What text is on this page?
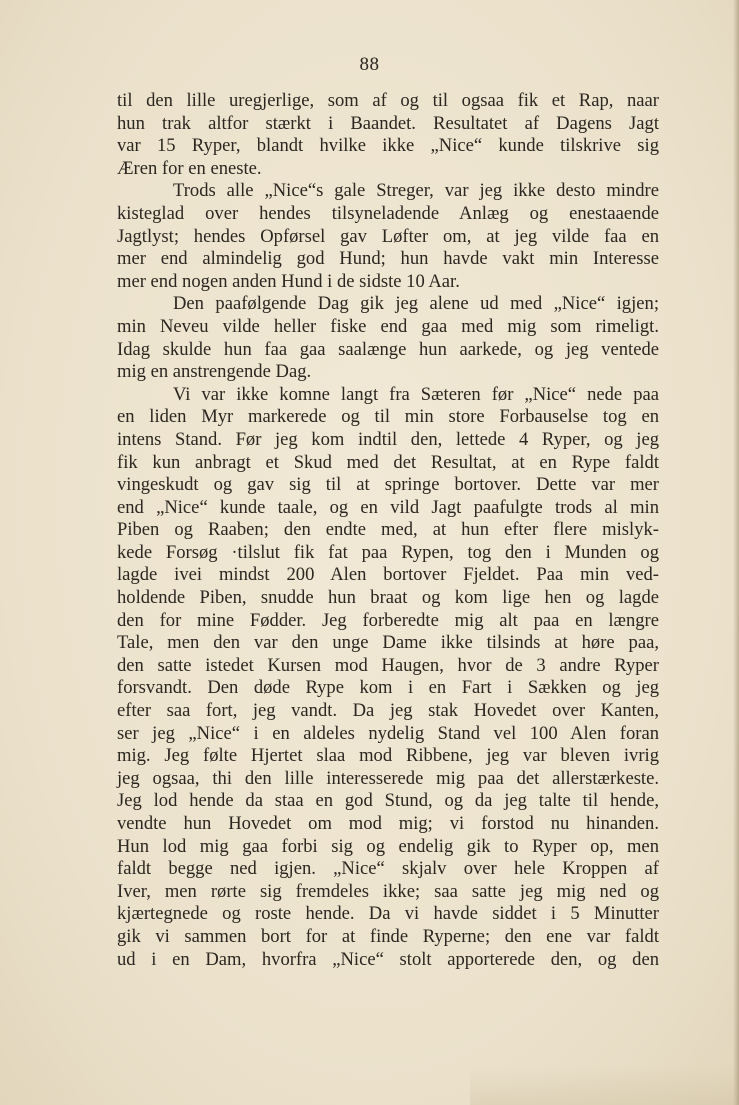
88
til den lille uregjerlige, som af og til ogsaa fik et Rap, naar
hun trak altfor stærkt i Baandet. Resultatet af Dagens Jagt
var 15 Ryper, blandt hvilke ikke „Nice“ kunde tilskrive sig
Æren for en eneste.
Trods alle „Nice“s gale Streger, var jeg ikke desto mindre
kisteglad over hendes tilsyneladende Anlæg og enestaaende
Jagtlyst; hendes Opførsel gav Løfter om, at jeg vilde faa en
mer end almindelig god Hund; hun havde vakt min Interesse
mer end nogen anden Hund i de sidste 10 Aar.
Den paafølgende Dag gik jeg alene ud med „Nice“ igjen;
min Neveu vilde heller fiske end gaa med mig som rimeligt.
Idag skulde hun faa gaa saalænge hun aarkede, og jeg ventede
mig en anstrengende Dag.
Vi var ikke komne langt fra Sæteren før „Nice“ nede paa
en liden Myr markerede og til min store Forbauselse tog en
intens Stand. Før jeg kom indtil den, lettede 4 Ryper, og jeg
fik kun anbragt et Skud med det Resultat, at en Rype faldt
vingeskudt og gav sig til at springe bortover. Dette var mer
end „Nice“ kunde taale, og en vild Jagt paafulgte trods al min
Piben og Raaben; den endte med, at hun efter flere mislyk-
kede Forsøg ·tilslut fik fat paa Rypen, tog den i Munden og
lagde ivei mindst 200 Alen bortover Fjeldet. Paa min ved-
holdende Piben, snudde hun braat og kom lige hen og lagde
den for mine Fødder. Jeg forberedte mig alt paa en længre
Tale, men den var den unge Dame ikke tilsinds at høre paa,
den satte istedet Kursen mod Haugen, hvor de 3 andre Ryper
forsvandt. Den døde Rype kom i en Fart i Sækken og jeg
efter saa fort, jeg vandt. Da jeg stak Hovedet over Kanten,
ser jeg „Nice“ i en aldeles nydelig Stand vel 100 Alen foran
mig. Jeg følte Hjertet slaa mod Ribbene, jeg var bleven ivrig
jeg ogsaa, thi den lille interesserede mig paa det allerstærkeste.
Jeg lod hende da staa en god Stund, og da jeg talte til hende,
vendte hun Hovedet om mod mig; vi forstod nu hinanden.
Hun lod mig gaa forbi sig og endelig gik to Ryper op, men
faldt begge ned igjen. „Nice“ skjalv over hele Kroppen af
Iver, men rørte sig fremdeles ikke; saa satte jeg mig ned og
kjærtegnede og roste hende. Da vi havde siddet i 5 Minutter
gik vi sammen bort for at finde Ryperne; den ene var faldt
ud i en Dam, hvorfra „Nice“ stolt apporterede den, og den
